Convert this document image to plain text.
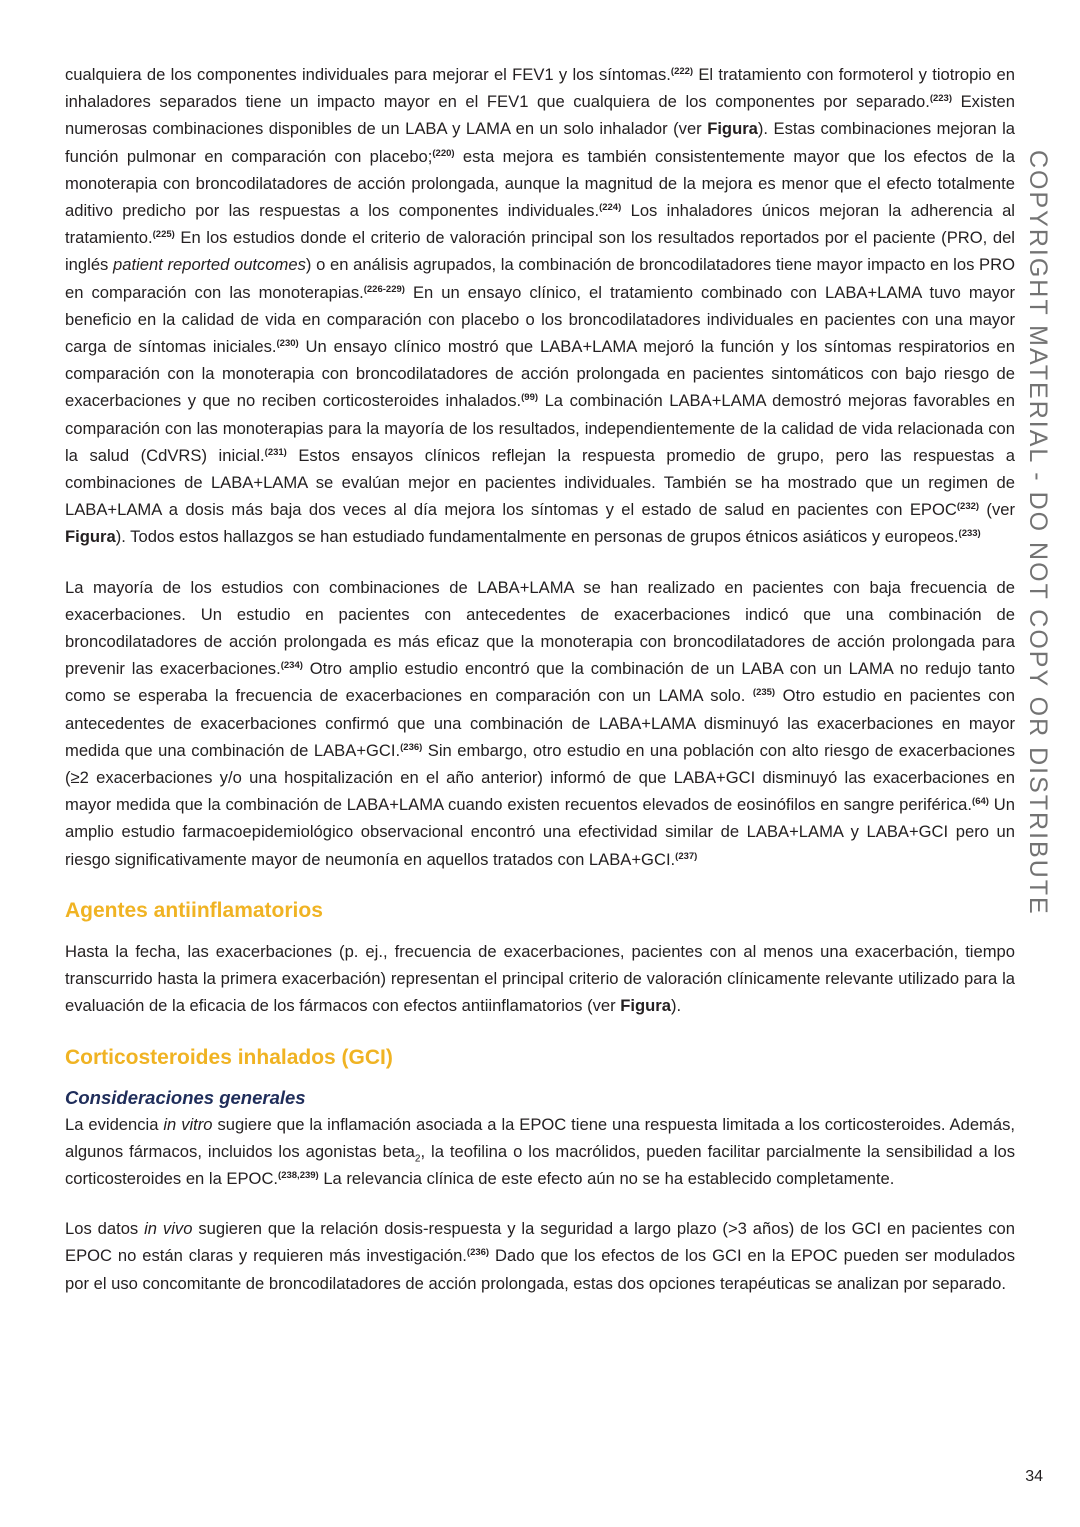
cualquiera de los componentes individuales para mejorar el FEV1 y los síntomas.$^{(222)}$ El tratamiento con formoterol y tiotropio en inhaladores separados tiene un impacto mayor en el FEV1 que cualquiera de los componentes por separado.$^{(223)}$ Existen numerosas combinaciones disponibles de un LABA y LAMA en un solo inhalador (ver Figura). Estas combinaciones mejoran la función pulmonar en comparación con placebo;$^{(220)}$ esta mejora es también consistentemente mayor que los efectos de la monoterapia con broncodilatadores de acción prolongada, aunque la magnitud de la mejora es menor que el efecto totalmente aditivo predicho por las respuestas a los componentes individuales.$^{(224)}$ Los inhaladores únicos mejoran la adherencia al tratamiento.$^{(225)}$ En los estudios donde el criterio de valoración principal son los resultados reportados por el paciente (PRO, del inglés patient reported outcomes) o en análisis agrupados, la combinación de broncodilatadores tiene mayor impacto en los PRO en comparación con las monoterapias.$^{(226-229)}$ En un ensayo clínico, el tratamiento combinado con LABA+LAMA tuvo mayor beneficio en la calidad de vida en comparación con placebo o los broncodilatadores individuales en pacientes con una mayor carga de síntomas iniciales.$^{(230)}$ Un ensayo clínico mostró que LABA+LAMA mejoró la función y los síntomas respiratorios en comparación con la monoterapia con broncodilatadores de acción prolongada en pacientes sintomáticos con bajo riesgo de exacerbaciones y que no reciben corticosteroides inhalados.$^{(99)}$ La combinación LABA+LAMA demostró mejoras favorables en comparación con las monoterapias para la mayoría de los resultados, independientemente de la calidad de vida relacionada con la salud (CdVRS) inicial.$^{(231)}$ Estos ensayos clínicos reflejan la respuesta promedio de grupo, pero las respuestas a combinaciones de LABA+LAMA se evalúan mejor en pacientes individuales. También se ha mostrado que un regimen de LABA+LAMA a dosis más baja dos veces al día mejora los síntomas y el estado de salud en pacientes con EPOC$^{(232)}$ (ver Figura). Todos estos hallazgos se han estudiado fundamentalmente en personas de grupos étnicos asiáticos y europeos.$^{(233)}$

La mayoría de los estudios con combinaciones de LABA+LAMA se han realizado en pacientes con baja frecuencia de exacerbaciones. Un estudio en pacientes con antecedentes de exacerbaciones indicó que una combinación de broncodilatadores de acción prolongada es más eficaz que la monoterapia con broncodilatadores de acción prolongada para prevenir las exacerbaciones.$^{(234)}$ Otro amplio estudio encontró que la combinación de un LABA con un LAMA no redujo tanto como se esperaba la frecuencia de exacerbaciones en comparación con un LAMA solo. $^{(235)}$ Otro estudio en pacientes con antecedentes de exacerbaciones confirmó que una combinación de LABA+LAMA disminuyó las exacerbaciones en mayor medida que una combinación de LABA+GCI.$^{(236)}$ Sin embargo, otro estudio en una población con alto riesgo de exacerbaciones (≥2 exacerbaciones y/o una hospitalización en el año anterior) informó de que LABA+GCI disminuyó las exacerbaciones en mayor medida que la combinación de LABA+LAMA cuando existen recuentos elevados de eosinófilos en sangre periférica.$^{(64)}$ Un amplio estudio farmacoepidemiológico observacional encontró una efectividad similar de LABA+LAMA y LABA+GCI pero un riesgo significativamente mayor de neumonía en aquellos tratados con LABA+GCI.$^{(237)}$

Agentes antiinflamatorios

Hasta la fecha, las exacerbaciones (p. ej., frecuencia de exacerbaciones, pacientes con al menos una exacerbación, tiempo transcurrido hasta la primera exacerbación) representan el principal criterio de valoración clínicamente relevante utilizado para la evaluación de la eficacia de los fármacos con efectos antiinflamatorios (ver Figura).

Corticosteroides inhalados (GCI)
Consideraciones generales

La evidencia in vitro sugiere que la inflamación asociada a la EPOC tiene una respuesta limitada a los corticosteroides. Además, algunos fármacos, incluidos los agonistas beta$_2$, la teofilina o los macrólidos, pueden facilitar parcialmente la sensibilidad a los corticosteroides en la EPOC.$^{(238,239)}$ La relevancia clínica de este efecto aún no se ha establecido completamente.

Los datos in vivo sugieren que la relación dosis-respuesta y la seguridad a largo plazo (>3 años) de los GCI en pacientes con EPOC no están claras y requieren más investigación.$^{(236)}$ Dado que los efectos de los GCI en la EPOC pueden ser modulados por el uso concomitante de broncodilatadores de acción prolongada, estas dos opciones terapéuticas se analizan por separado.

COPYRIGHT MATERIAL - DO NOT COPY OR DISTRIBUTE
34
